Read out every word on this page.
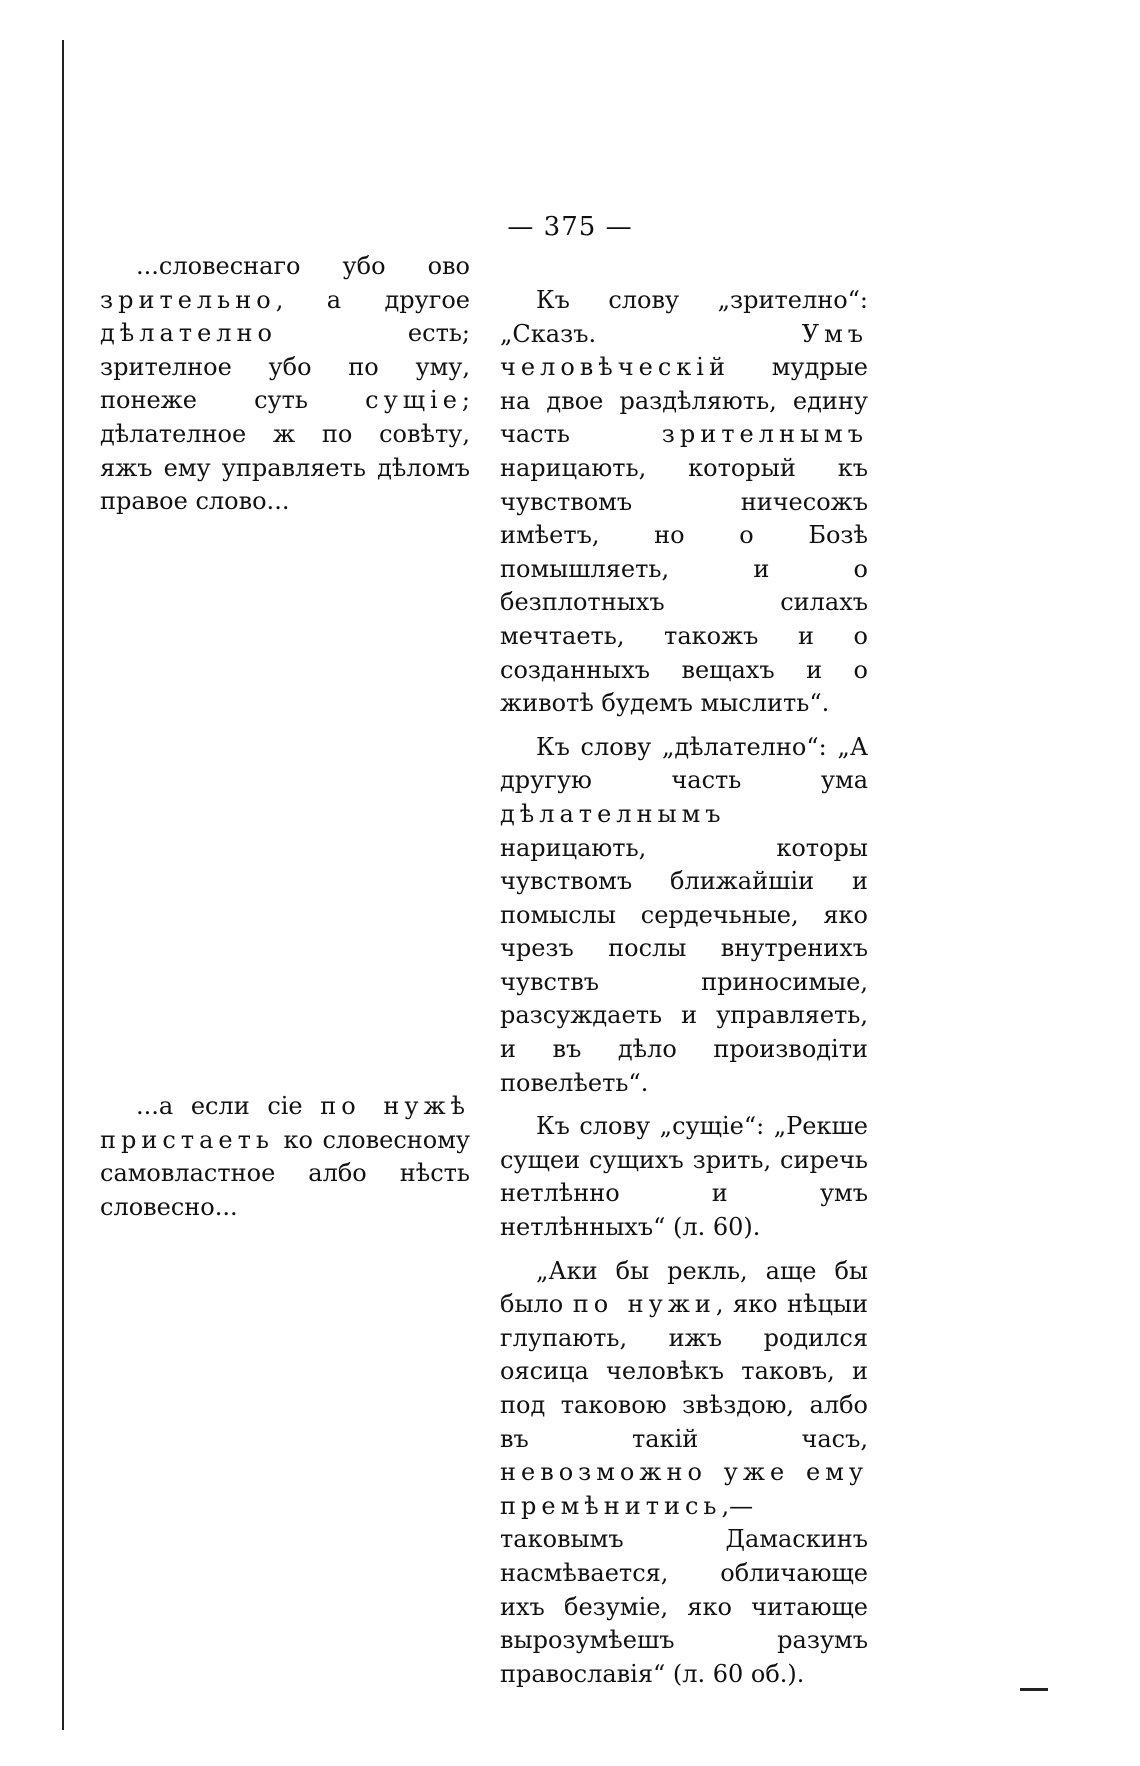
— 375 —

...словеснаго убо ово зрительно, а другое дѣлателно есть; зрителное убо по уму, понеже суть сущіе; дѣлателное ж по совѣту, яжъ ему управляеть дѣломъ правое слово...

...а если сіе по нужѣ пристаеть ко словесному самовластное албо нѣсть словесно...

Къ слову „зрително“: „Сказъ. Умъ человѣческій мудрые на двое раздѣляють, едину часть зрителнымъ нарицають, который къ чувствомъ ничесожъ имѣетъ, но о Бозѣ помышляеть, и о безплотныхъ силахъ мечтаеть, такожъ и о созданныхъ вещахъ и о животѣ будемъ мыслить“.

Къ слову „дѣлателно“: „А другую часть ума дѣлателнымъ нарицають, которы чувствомъ ближайшіи и помыслы сердечьные, яко чрезъ послы внутренихъ чувствъ приносимые, разсуждаеть и управляеть, и въ дѣло производіти повелѣеть“.

Къ слову „сущіе“: „Рекше сущеи сущихъ зрить, сиречь нетлѣнно и умъ нетлѣнныхъ“ (л. 60).

„Аки бы рекль, аще бы было по нужи, яко нѣцыи глупають, ижъ родился оясица человѣкъ таковъ, и под таковою звѣздою, албо въ такій часъ, невозможно уже ему премѣнитись,—таковымъ Дамаскинъ насмѣвается, обличающе ихъ безуміе, яко читающе вырозумѣешъ разумъ православія“ (л. 60 об.).
